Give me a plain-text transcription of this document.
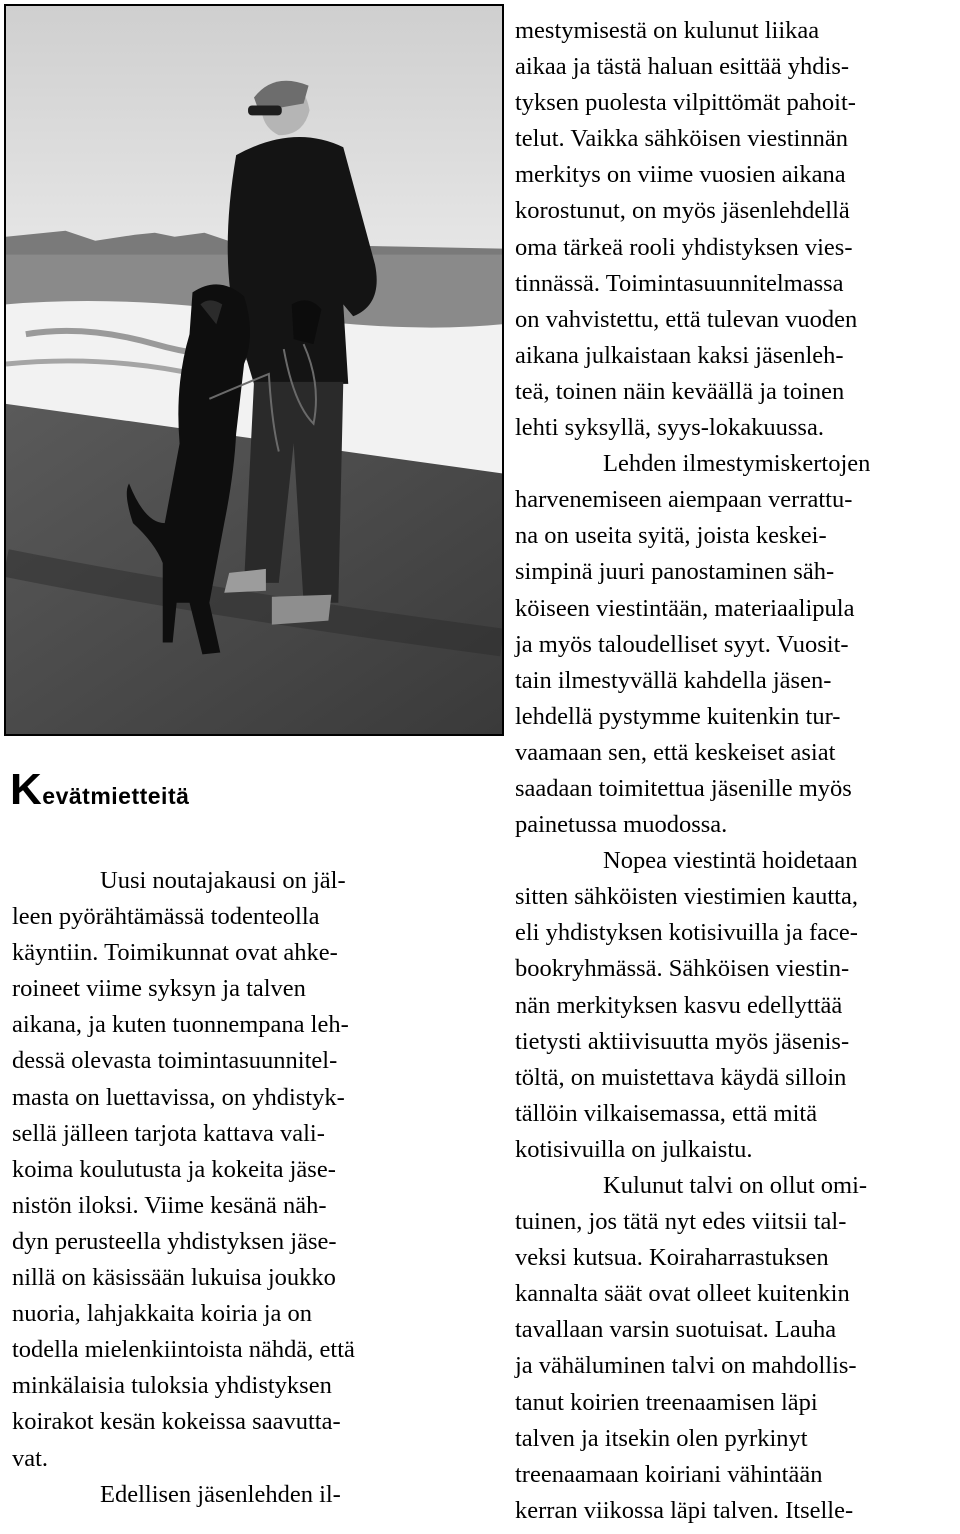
Kevätmietteitä
Uusi noutajakausi on jäl-
leen pyörähtämässä todenteolla
käyntiin. Toimikunnat ovat ahke-
roineet viime syksyn ja talven
aikana, ja kuten tuonnempana leh-
dessä olevasta toimintasuunnitel-
masta on luettavissa, on yhdistyk-
sellä jälleen tarjota kattava vali-
koima koulutusta ja kokeita jäse-
nistön iloksi. Viime kesänä näh-
dyn perusteella yhdistyksen jäse-
nillä on käsissään lukuisa joukko
nuoria, lahjakkaita koiria ja on
todella mielenkiintoista nähdä, että
minkälaisia tuloksia yhdistyksen
koirakot kesän kokeissa saavutta-
vat.
Edellisen jäsenlehden il-
mestymisestä on kulunut liikaa
aikaa ja tästä haluan esittää yhdis-
tyksen puolesta vilpittömät pahoit-
telut. Vaikka sähköisen viestinnän
merkitys on viime vuosien aikana
korostunut, on myös jäsenlehdellä
oma tärkeä rooli yhdistyksen vies-
tinnässä. Toimintasuunnitelmassa
on vahvistettu, että tulevan vuoden
aikana julkaistaan kaksi jäsenleh-
teä, toinen näin keväällä ja toinen
lehti syksyllä, syys-lokakuussa.
Lehden ilmestymiskertojen
harvenemiseen aiempaan verrattu-
na on useita syitä, joista keskei-
simpinä juuri panostaminen säh-
köiseen viestintään, materiaalipula
ja myös taloudelliset syyt. Vuosit-
tain ilmestyvällä kahdella jäsen-
lehdellä pystymme kuitenkin tur-
vaamaan sen, että keskeiset asiat
saadaan toimitettua jäsenille myös
painetussa muodossa.
Nopea viestintä hoidetaan
sitten sähköisten viestimien kautta,
eli yhdistyksen kotisivuilla ja face-
bookryhmässä. Sähköisen viestin-
nän merkityksen kasvu edellyttää
tietysti aktiivisuutta myös jäsenis-
töltä, on muistettava käydä silloin
tällöin vilkaisemassa, että mitä
kotisivuilla on julkaistu.
Kulunut talvi on ollut omi-
tuinen, jos tätä nyt edes viitsii tal-
veksi kutsua. Koiraharrastuksen
kannalta säät ovat olleet kuitenkin
tavallaan varsin suotuisat. Lauha
ja vähäluminen talvi on mahdollis-
tanut koirien treenaamisen läpi
talven ja itsekin olen pyrkinyt
treenaamaan koiriani vähintään
kerran viikossa läpi talven. Itselle-
